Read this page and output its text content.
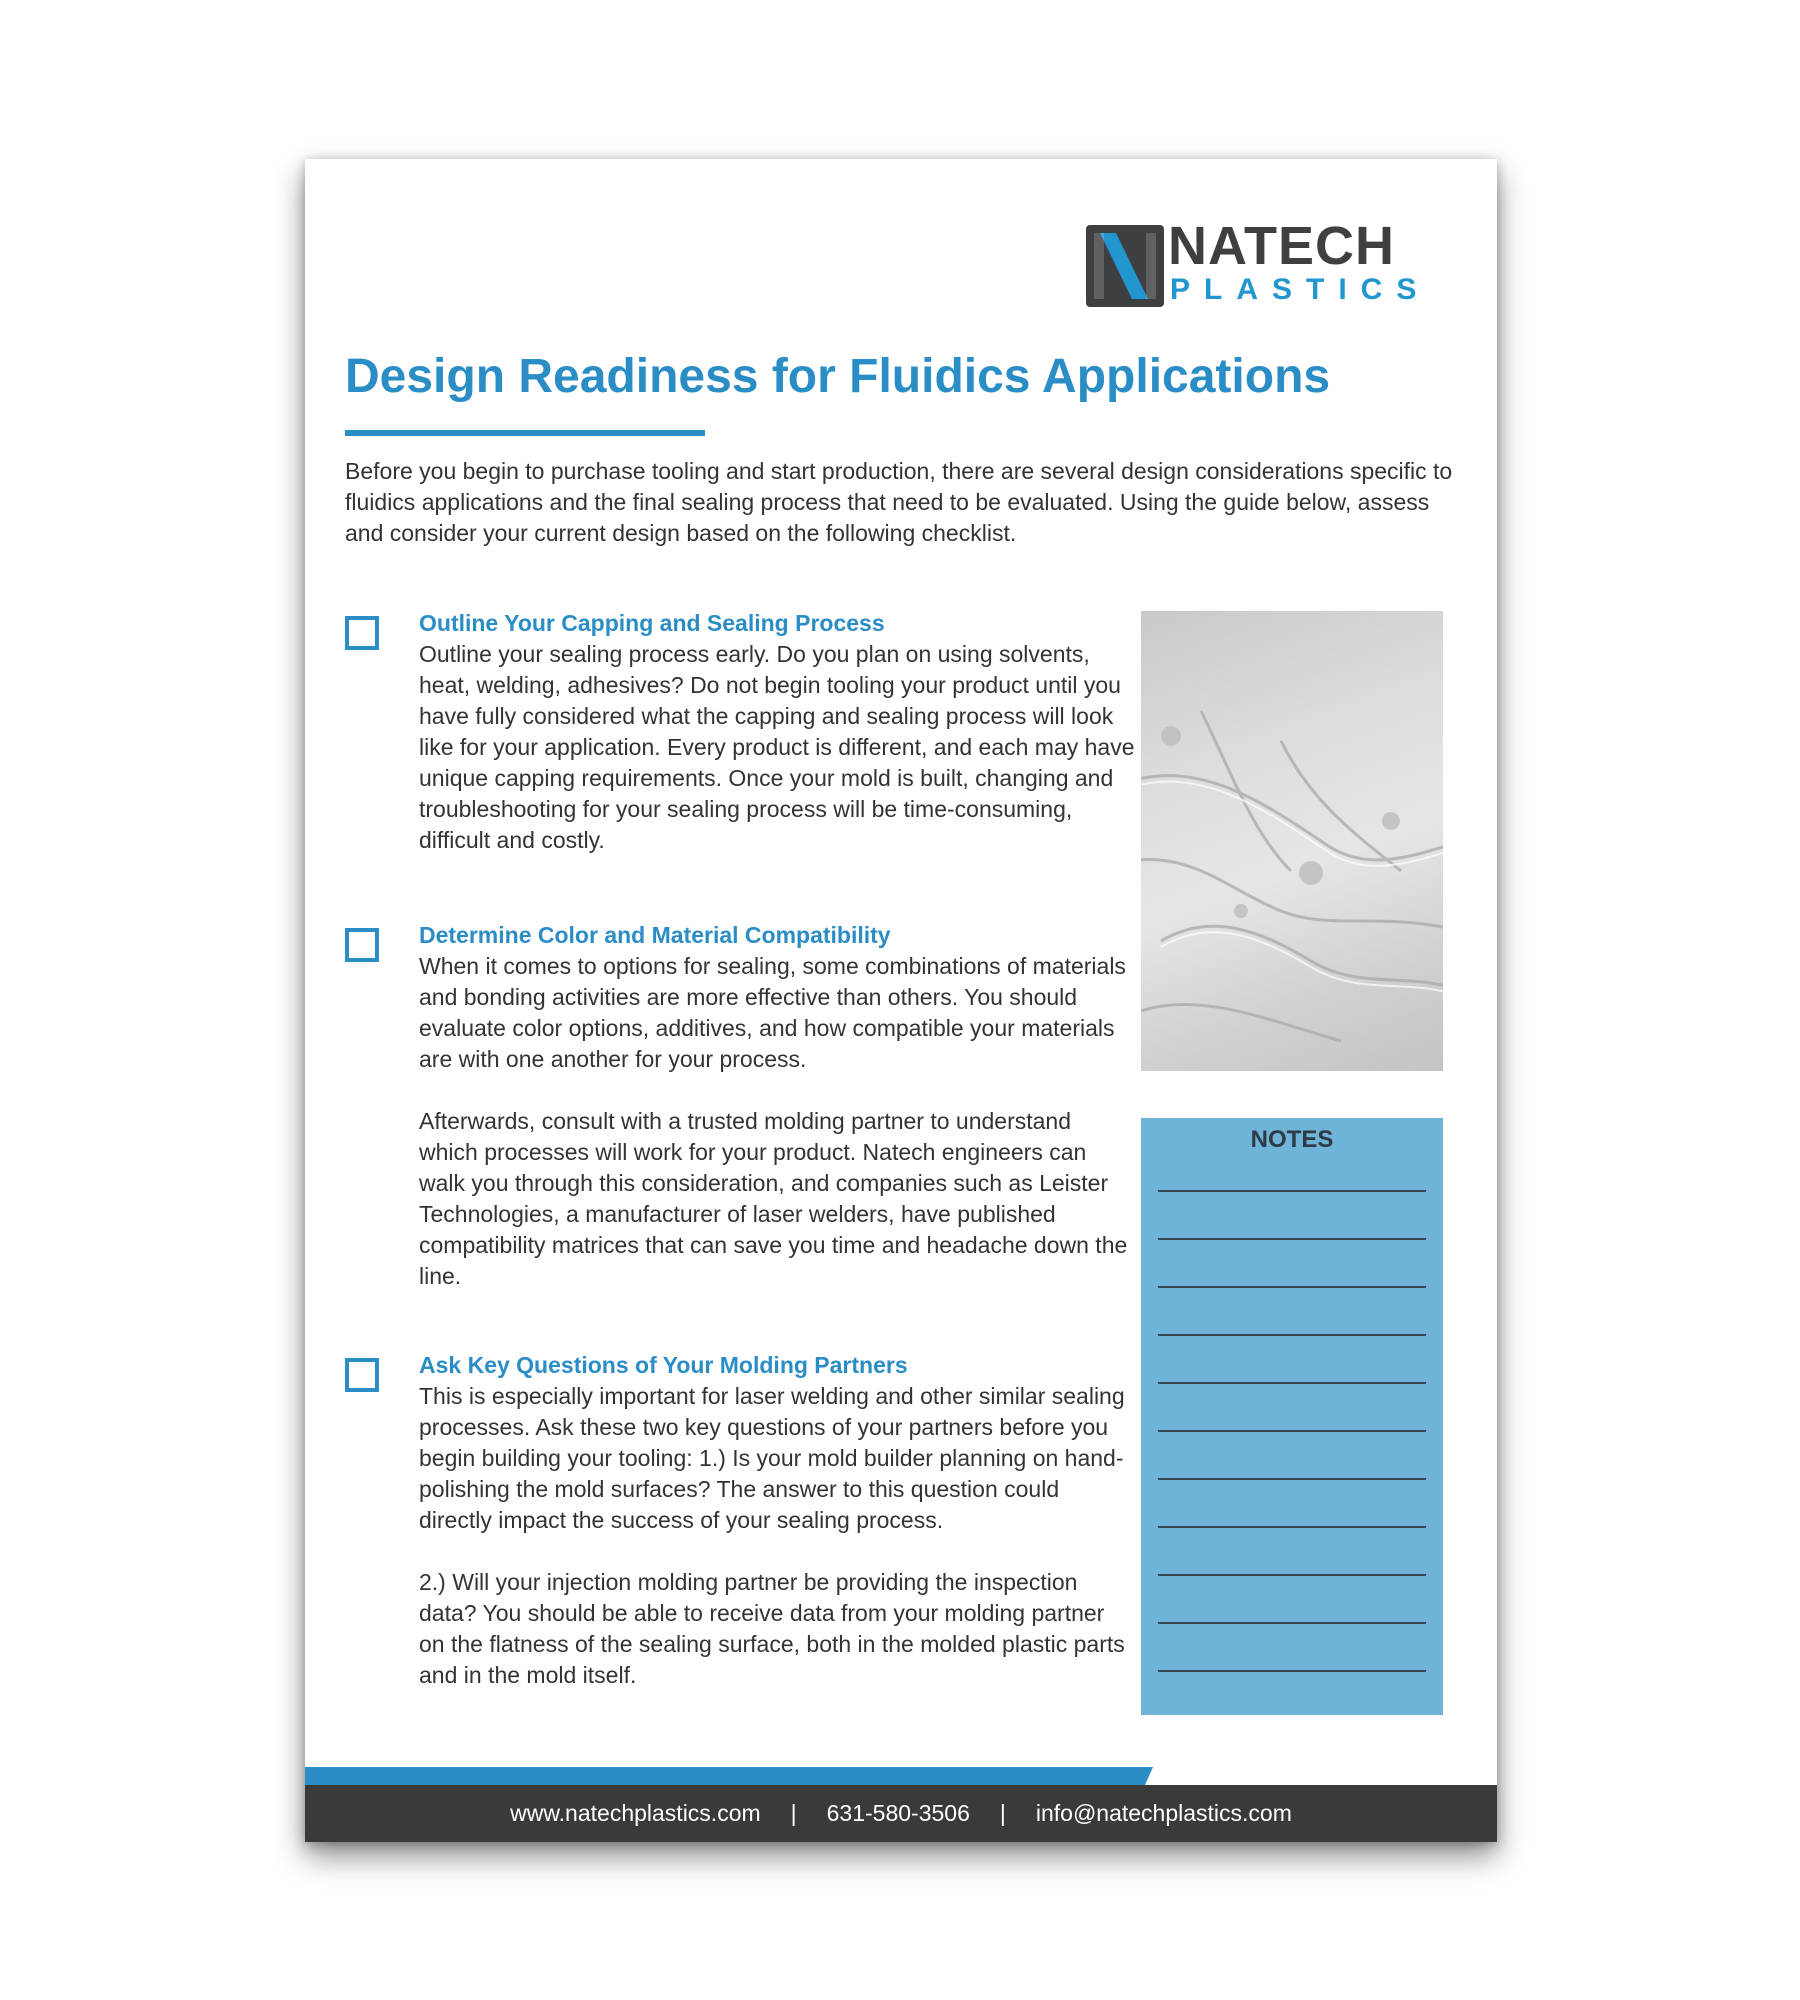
NATECH
PLASTICS
Design Readiness for Fluidics Applications

Before you begin to purchase tooling and start production, there are several design considerations specific to fluidics applications and the final sealing process that need to be evaluated. Using the guide below, assess and consider your current design based on the following checklist.

Outline Your Capping and Sealing Process

Outline your sealing process early. Do you plan on using solvents, heat, welding, adhesives? Do not begin tooling your product until you have fully considered what the capping and sealing process will look like for your application. Every product is different, and each may have unique capping requirements. Once your mold is built, changing and troubleshooting for your sealing process will be time-consuming, difficult and costly.

Determine Color and Material Compatibility

When it comes to options for sealing, some combinations of materials and bonding activities are more effective than others. You should evaluate color options, additives, and how compatible your materials are with one another for your process.

Afterwards, consult with a trusted molding partner to understand which processes will work for your product. Natech engineers can walk you through this consideration, and companies such as Leister Technologies, a manufacturer of laser welders, have published compatibility matrices that can save you time and headache down the line.

Ask Key Questions of Your Molding Partners

This is especially important for laser welding and other similar sealing processes. Ask these two key questions of your partners before you begin building your tooling: 1.) Is your mold builder planning on hand-polishing the mold surfaces? The answer to this question could directly impact the success of your sealing process.

2.) Will your injection molding partner be providing the inspection data? You should be able to receive data from your molding partner on the flatness of the sealing surface, both in the molded plastic parts and in the mold itself.

NOTES
www.natechplastics.com | 631-580-3506 | info@natechplastics.com
